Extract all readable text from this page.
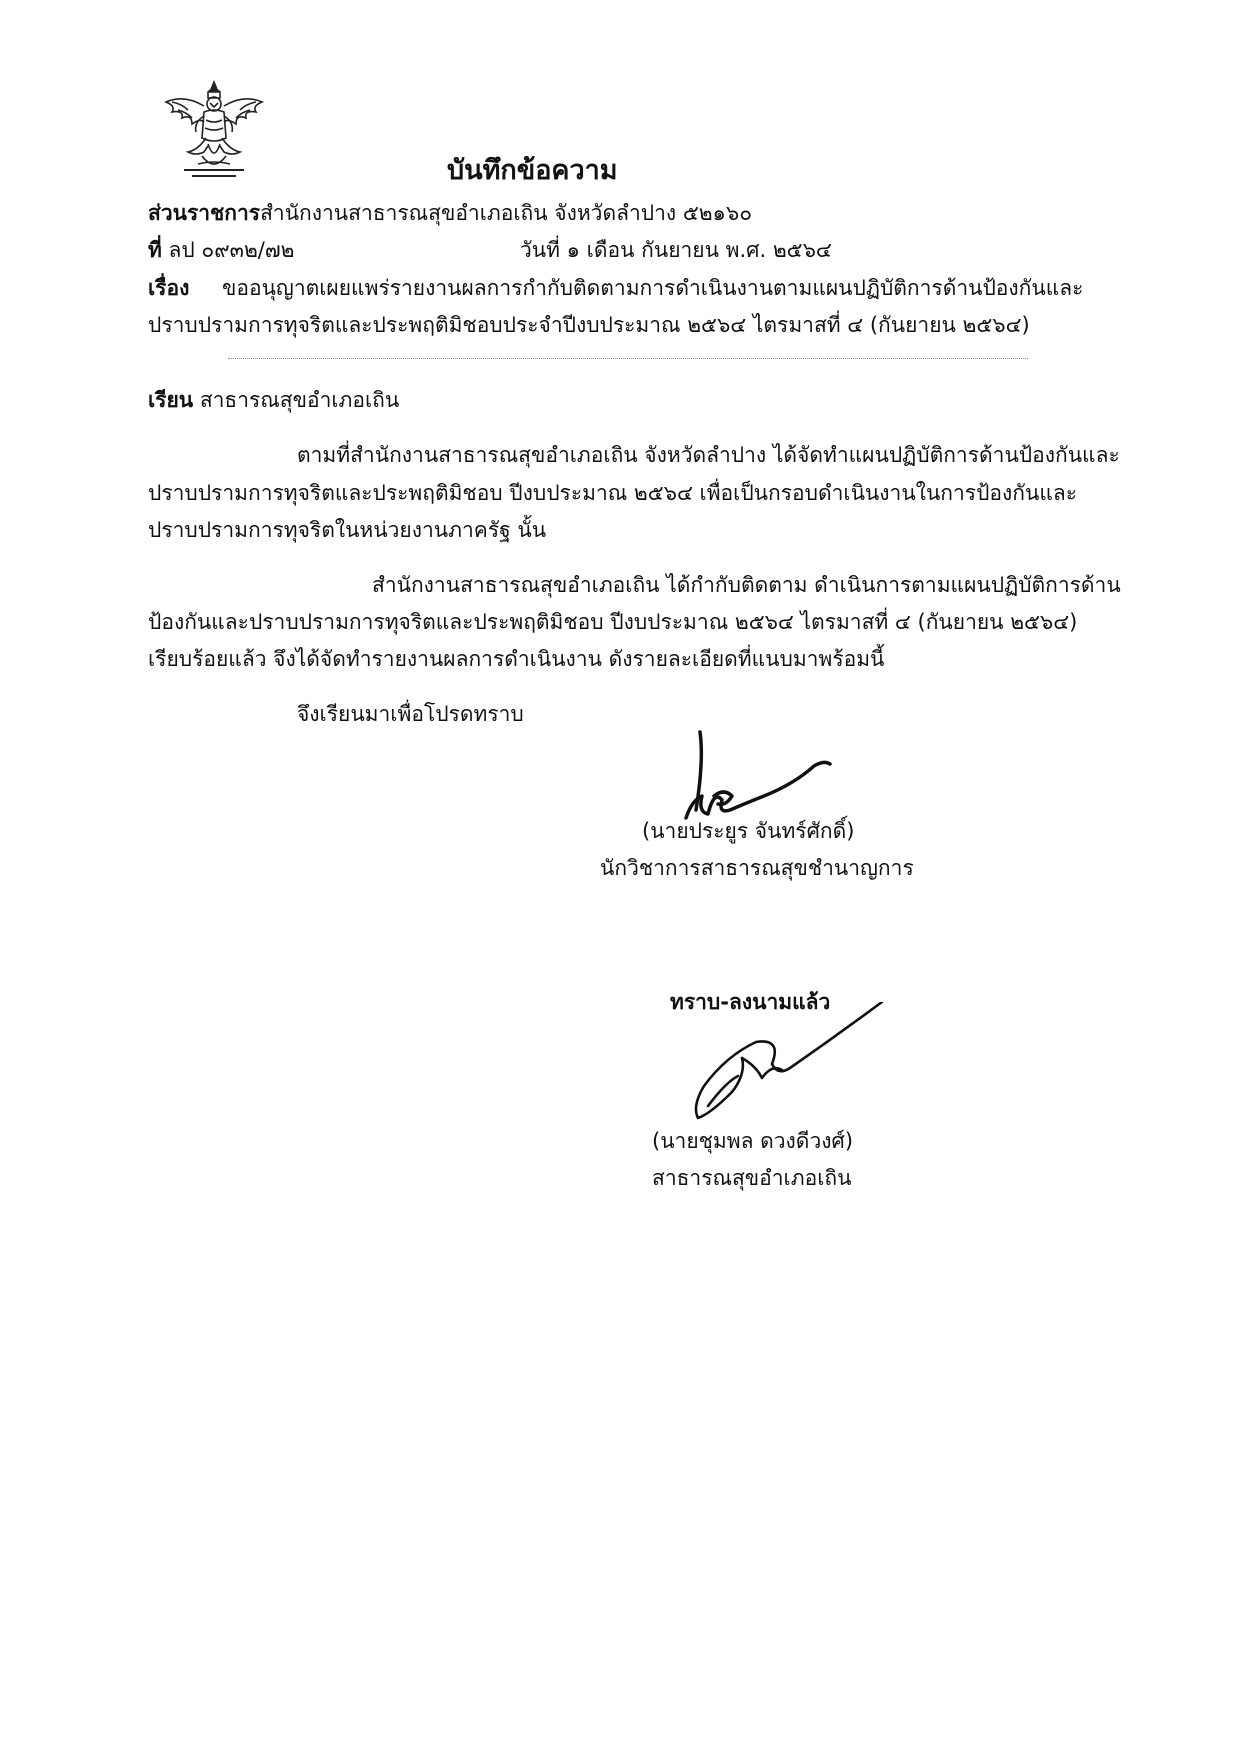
บันทึกข้อความ
ส่วนราชการสำนักงานสาธารณสุขอำเภอเถิน จังหวัดลำปาง ๕๒๑๖๐
ที่ ลป ๐๙๓๒/๗๒	วันที่ ๑ เดือน กันยายน พ.ศ. ๒๕๖๔
เรื่อง ขออนุญาตเผยแพร่รายงานผลการกำกับติดตามการดำเนินงานตามแผนปฏิบัติการด้านป้องกันและ
ปราบปรามการทุจริตและประพฤติมิชอบประจำปีงบประมาณ ๒๕๖๔ ไตรมาสที่ ๔ (กันยายน ๒๕๖๔)
เรียน สาธารณสุขอำเภอเถิน
ตามที่สำนักงานสาธารณสุขอำเภอเถิน จังหวัดลำปาง ได้จัดทำแผนปฏิบัติการด้านป้องกันและ
ปราบปรามการทุจริตและประพฤติมิชอบ ปีงบประมาณ ๒๕๖๔ เพื่อเป็นกรอบดำเนินงานในการป้องกันและ
ปราบปรามการทุจริตในหน่วยงานภาครัฐ นั้น
สำนักงานสาธารณสุขอำเภอเถิน ได้กำกับติดตาม ดำเนินการตามแผนปฏิบัติการด้าน
ป้องกันและปราบปรามการทุจริตและประพฤติมิชอบ ปีงบประมาณ ๒๕๖๔ ไตรมาสที่ ๔ (กันยายน ๒๕๖๔)
เรียบร้อยแล้ว จึงได้จัดทำรายงานผลการดำเนินงาน ดังรายละเอียดที่แนบมาพร้อมนี้
จึงเรียนมาเพื่อโปรดทราบ
(นายประยูร จันทร์ศักดิ์)
นักวิชาการสาธารณสุขชำนาญการ
ทราบ-ลงนามแล้ว
(นายชุมพล ดวงดีวงศ์)
สาธารณสุขอำเภอเถิน
